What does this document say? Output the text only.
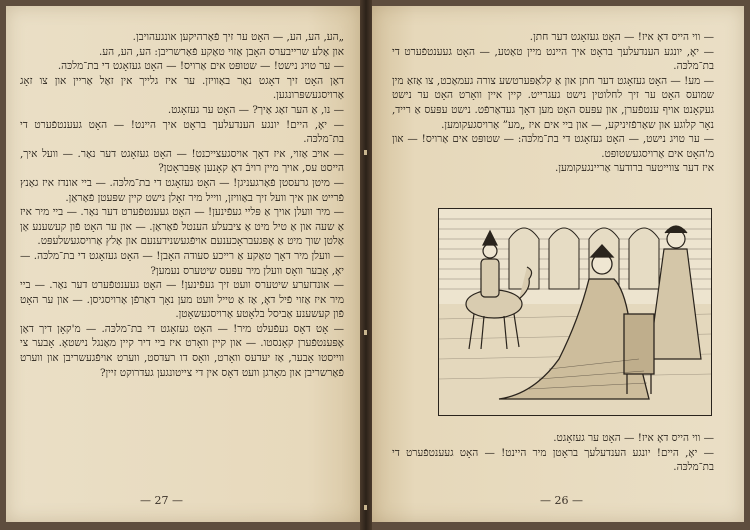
„הע, הע, הע, — האָט ער זיך פֿאַרהיקען אונגעהויבן.

און אַלע שרייבערס האָבן אַזוי טאַקע פֿאַרשריבן: הע, הע, הע.

— ער טויג נישט! — שטופּט אים אַרויס! — האָט געזאָגט די בת־מלכּה.

דאַן האָט זיך דאָגט נאַר באַוויזן. ער איז גלייך אין זאַל אַריין און צו זאָג אַרויסגעשפּרונגען.

— נו, אַ הער זאַג אַיך? — האָט ער געזאָגט.

— יאָ, היים! יונגע הענדעלעך בראָט איך היינט! — האָט געענטפֿערט די בת־מלכּה.

— אויב אַזוי, איז דאָך אויסגעצייכנט! — האָט געזאָגט דער נאַר. — וועל איך, הייסט עס, אויך מיין רויבֿ דאָ קאָנען אָפּבראָטן?

— מיטן גרעסטן פֿאַרגעניגן! — האָט געזאָגט די בת־מלכּה. — ביי אונדז איז גאַנץ פֿרייט און איך וועל זיך באַוויזן, ווייל מיר זאָלן נישט קיין שפּעטן פֿאַראַן.

— מיר וועלן אויך אַ פּליי געפֿינען! — האָט געענטפֿערט דער נאַר. — ביי מיר איז אַ שעה און אַ טיל מיט אַ ציבעלע הענטל פֿאַראַן. — און ער האָט פֿון קעשענע אַן אַלטן שוך מיט אַ אָפּגעבראָכענעם אויפֿגעשנידענעם און אַלץ אַרויסגעשלעפּט.

— וועלן מיר דאָך טאַקע אַ רייכע סעודה האָבן! — האָט געזאָגט די בת־מלכּה. — יאָ, אָבער וואָס וועלן מיר עפּעס שיטערס נעמען?

— אונדזערע שיטערס וועט זיך געפֿינען! — האָט געענטפֿערט דער נאַר. — ביי מיר איז אַזוי פֿיל דאָ, אַז אַ טייל וועט מען נאָך דאַרפֿן אַרויסגיסן. — און ער האָט פֿון קעשענע אַביסל בלאָטע אַרויסגעשאָטן.

— אָט דאָס געפֿעלט מיר! — האָט געזאָגט די בת־מלכּה. — מ'קאָן דיך דאַן אָפּענטפֿערן קאָנסטו. — און קיין וואָרט איז ביי דיר קיין מאַנגל נישטאָ. אָבער צי ווייסטו אָבער, אַז יעדעס וואָרט, וואָס דו רעדסט, ווערט אויפֿגעשריבן און ווערט פֿאַרשריבן און מאָרגן וועט דאָס אין די צייטונגען געדרוקט זיין?

— 27 —

— ווי הייס דאָ איז! — האָט געזאָגט דער חתן.

— יאָ, יונגע הענדעלעך בראָט איך היינט מיין טאַטע, — האָט געענטפֿערט די בת־מלכּה.

— מע! — האָט געזאָגט דער חתן און אַ קלאַפּערטשע צורה געמאַכט, צו אַזאַ מין שמועס האָט ער זיך לחלוטין נישט געגרייט. קיין איין וואָרט האָט ער נישט געקאָנט אויף ענטפֿערן, און עפּעס האָט מען דאָך געדאַרפֿט. נישט עפּעס אַ רייד, נאָר קלוגע און שאַרפֿזיניקע, — און ביי אים איז „מע” אַרויסגעקומען.

— ער טויג נישט, — האָט געזאָגט די בת־מלכּה: — שטופּט אים אַרויס! — און מ'האָט אים אַרויסגעשטופּט.

איז דער צווייטער ברודער אַריינגעקומען.

— ווי הייס דאָ איז! — האָט ער געזאָגט.

— יאָ, היים! יונגע הענדעלעך בראָטן מיר היינט! — האָט געענטפֿערט די בת־מלכּה.

— 26 —
